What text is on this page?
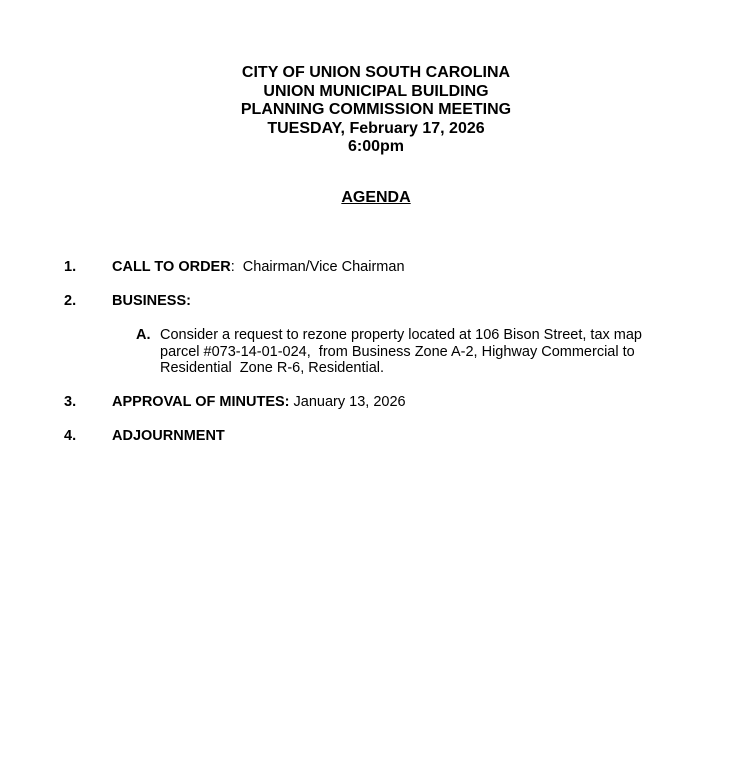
CITY OF UNION SOUTH CAROLINA
UNION MUNICIPAL BUILDING
PLANNING COMMISSION MEETING
TUESDAY, February 17, 2026
6:00pm
AGENDA
1. CALL TO ORDER:  Chairman/Vice Chairman
2. BUSINESS:
A. Consider a request to rezone property located at 106 Bison Street, tax map
parcel #073-14-01-024,  from Business Zone A-2, Highway Commercial to
Residential  Zone R-6, Residential.
3. APPROVAL OF MINUTES: January 13, 2026
4. ADJOURNMENT
